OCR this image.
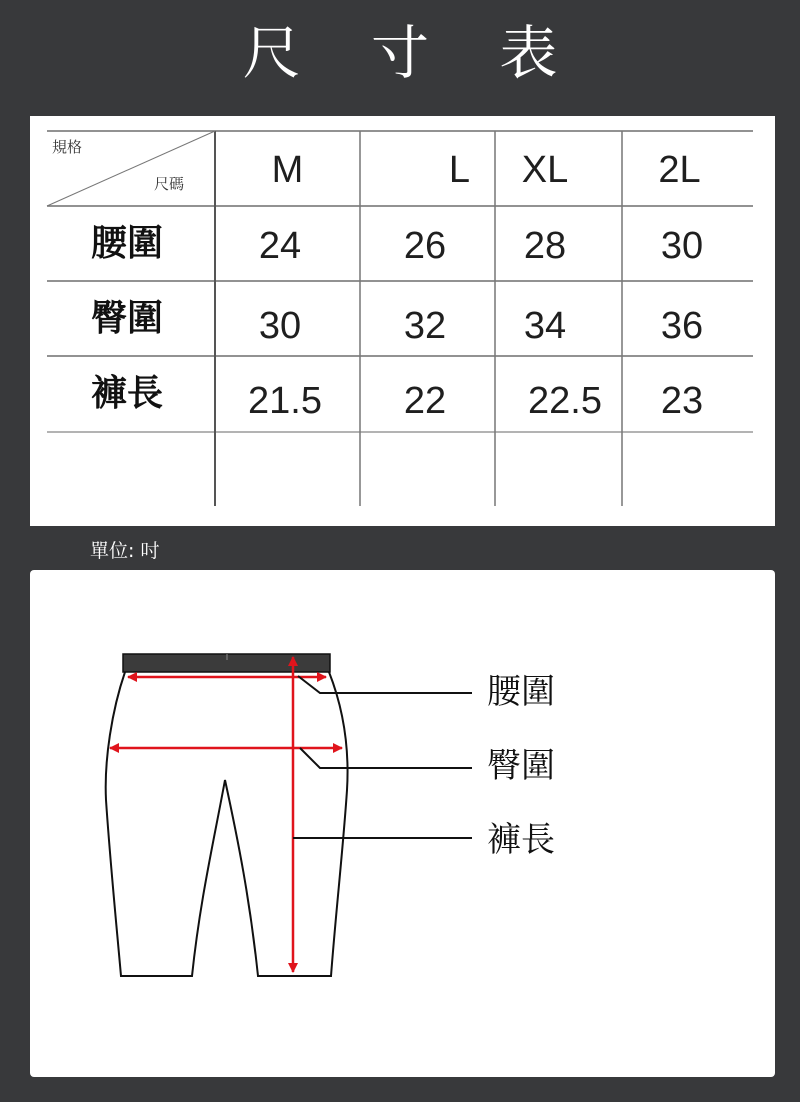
尺 寸 表
規格
尺碼	M	L	XL	2L
腰圍	24	26	28	30
臀圍	30	32	34	36
褲長	21.5	22	22.5	23
單位: 吋
腰圍
臀圍
褲長
